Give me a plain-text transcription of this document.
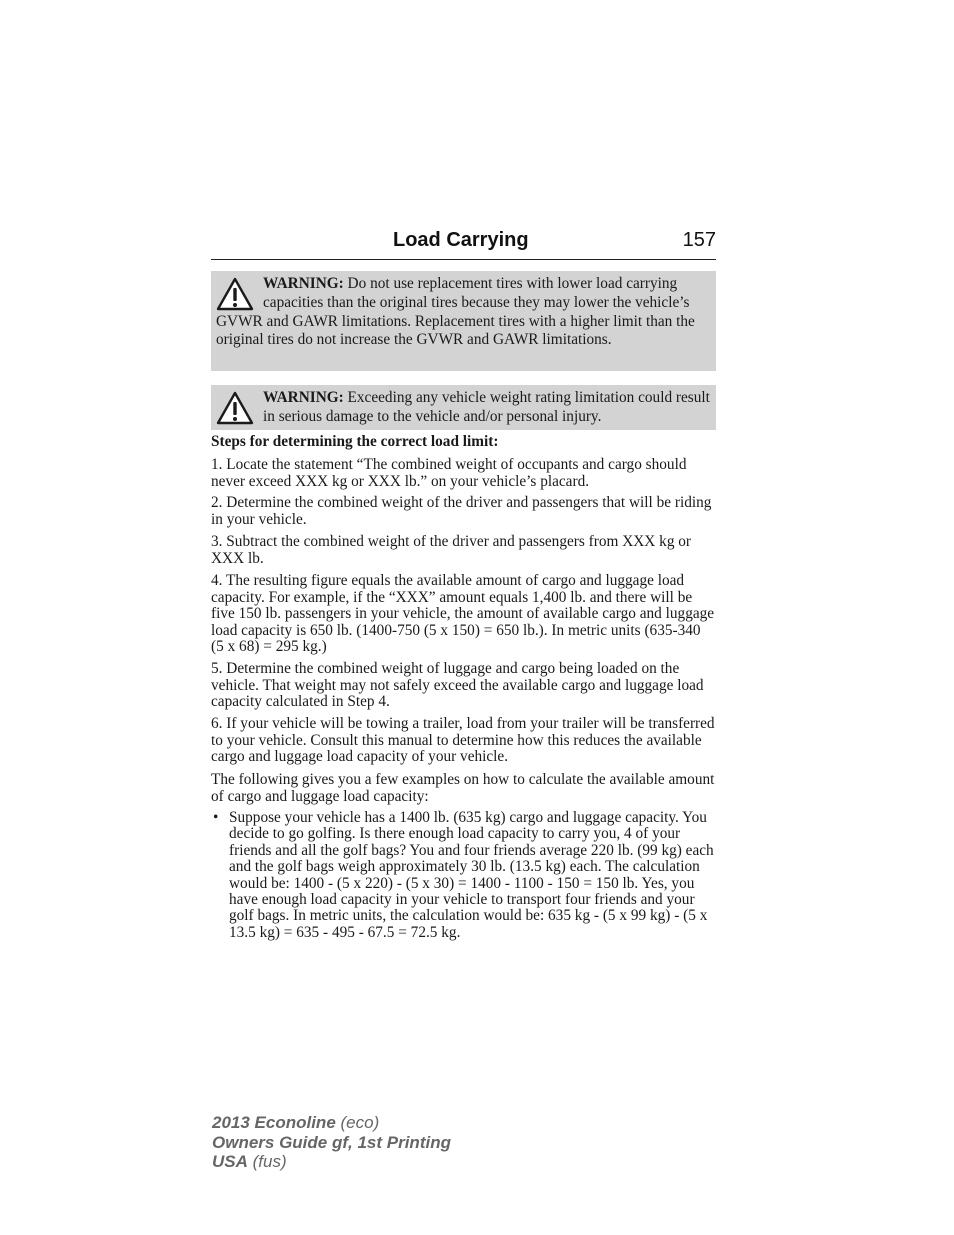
Load Carrying	157
WARNING: Do not use replacement tires with lower load carrying capacities than the original tires because they may lower the vehicle’s GVWR and GAWR limitations. Replacement tires with a higher limit than the original tires do not increase the GVWR and GAWR limitations.
WARNING: Exceeding any vehicle weight rating limitation could result in serious damage to the vehicle and/or personal injury.
Steps for determining the correct load limit:
1. Locate the statement “The combined weight of occupants and cargo should never exceed XXX kg or XXX lb.” on your vehicle’s placard.
2. Determine the combined weight of the driver and passengers that will be riding in your vehicle.
3. Subtract the combined weight of the driver and passengers from XXX kg or XXX lb.
4. The resulting figure equals the available amount of cargo and luggage load capacity. For example, if the “XXX” amount equals 1,400 lb. and there will be five 150 lb. passengers in your vehicle, the amount of available cargo and luggage load capacity is 650 lb. (1400-750 (5 x 150) = 650 lb.). In metric units (635-340 (5 x 68) = 295 kg.)
5. Determine the combined weight of luggage and cargo being loaded on the vehicle. That weight may not safely exceed the available cargo and luggage load capacity calculated in Step 4.
6. If your vehicle will be towing a trailer, load from your trailer will be transferred to your vehicle. Consult this manual to determine how this reduces the available cargo and luggage load capacity of your vehicle.
The following gives you a few examples on how to calculate the available amount of cargo and luggage load capacity:
• Suppose your vehicle has a 1400 lb. (635 kg) cargo and luggage capacity. You decide to go golfing. Is there enough load capacity to carry you, 4 of your friends and all the golf bags? You and four friends average 220 lb. (99 kg) each and the golf bags weigh approximately 30 lb. (13.5 kg) each. The calculation would be: 1400 - (5 x 220) - (5 x 30) = 1400 - 1100 - 150 = 150 lb. Yes, you have enough load capacity in your vehicle to transport four friends and your golf bags. In metric units, the calculation would be: 635 kg - (5 x 99 kg) - (5 x 13.5 kg) = 635 - 495 - 67.5 = 72.5 kg.
2013 Econoline (eco)
Owners Guide gf, 1st Printing
USA (fus)
